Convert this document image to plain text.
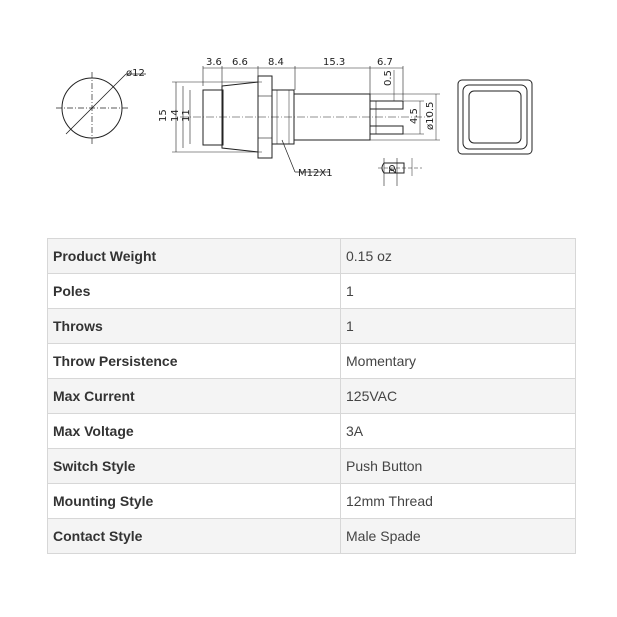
ø12
3.6 6.6 8.4	15.3	6.7
15 14 11
0.5
4.5 ø10.5
M12X1	2
Product Weight	0.15 oz
Poles	1
Throws	1
Throw Persistence	Momentary
Max Current	125VAC
Max Voltage	3A
Switch Style	Push Button
Mounting Style	12mm Thread
Contact Style	Male Spade
